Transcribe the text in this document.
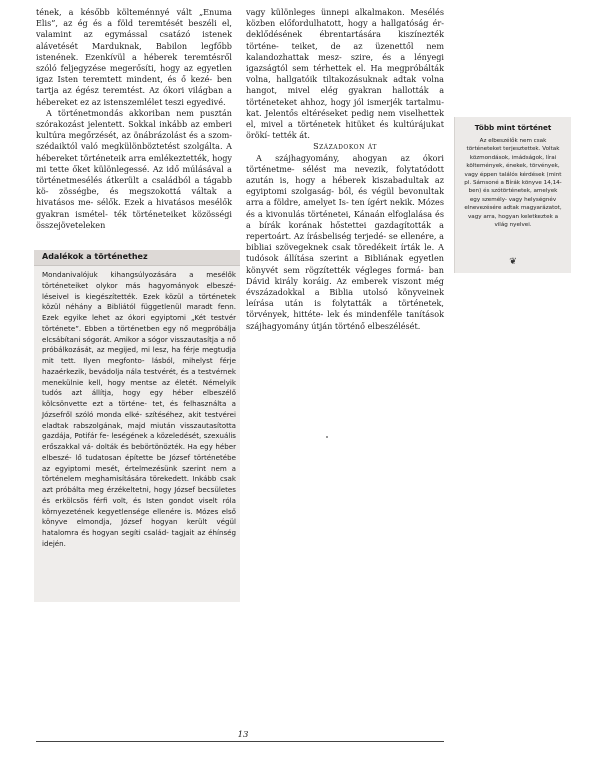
tének, a később költeménnyé vált „Enuma Elis”, az ég és a föld teremtését beszéli el, valamint az egymással csatázó istenek alávetését Marduknak, Babilon legfőbb istenének. Ezenkívül a héberek teremtésről szóló feljegyzése megerősíti, hogy az egyetlen igaz Isten teremtett mindent, és ő kezé- ben tartja az égész teremtést. Az ókori világban a hébereket ez az istenszemlélet teszi egyedivé.

A történetmondás akkoriban nem pusztán szórakozást jelentett. Sokkal inkább az emberi kultúra megőrzését, az önábrázolást és a szom- szédaiktól való megkülönböztetést szolgálta. A hébereket történeteik arra emlékeztették, hogy mi tette őket különlegessé. Az idő múlásával a történetmesélés átkerült a családból a tágabb kö- zösségbe, és megszokottá váltak a hivatásos me- sélők. Ezek a hivatásos mesélők gyakran ismétel- ték történeteiket közösségi összejöveteleken

Adalékok a történethez

Mondanivalójuk kihangsúlyozására a mesélők történeteiket olykor más hagyományok elbeszé- léseivel is kiegészítették. Ezek közül a történetek közül néhány a Bibliától függetlenül maradt fenn. Ezek egyike lehet az ókori egyiptomi „Két testvér története”. Ebben a történetben egy nő megpróbálja elcsábítani sógorát. Amikor a sógor visszautasítja a nő próbálkozását, az megijed, mi lesz, ha férje megtudja mit tett. Ilyen megfonto- lásból, mihelyst férje hazaérkezik, bevádolja nála testvérét, és a testvérnek menekülnie kell, hogy mentse az életét. Némelyik tudós azt állítja, hogy egy héber elbeszélő kölcsönvette ezt a történe- tet, és felhasználta a Józsefről szóló monda elké- szítéséhez, akit testvérei eladtak rabszolgának, majd miután visszautasította gazdája, Potifár fe- leségének a közeledését, szexuális erőszakkal vá- dolták és bebörtönözték. Ha egy héber elbeszé- lő tudatosan építette be József történetébe az egyiptomi mesét, értelmezésünk szerint nem a történelem meghamisítására törekedett. Inkább csak azt próbálta meg érzékeltetni, hogy József becsületes és erkölcsös férfi volt, és Isten gondot viselt róla környezetének kegyetlensége ellenére is. Mózes első könyve elmondja, József hogyan került végül hatalomra és hogyan segíti család- tagjait az éhínség idején.

vagy különleges ünnepi alkalmakon. Mesélés közben előfordulhatott, hogy a hallgatóság ér- deklődésének ébrentartására kiszínezték történe- teiket, de az üzenettől nem kalandozhattak mesz- szire, és a lényegi igazságtól sem térhettek el. Ha megpróbálták volna, hallgatóik tiltakozásuknak adtak volna hangot, mivel elég gyakran hallották a történeteket ahhoz, hogy jól ismerjék tartalmu- kat. Jelentős eltéréseket pedig nem viselhettek el, mivel a történetek hitüket és kultúrájukat örökí- tették át.

Századokon át

A szájhagyomány, ahogyan az ókori történetme- sélést ma nevezik, folytatódott azután is, hogy a héberek kiszabadultak az egyiptomi szolgaság- ból, és végül bevonultak arra a földre, amelyet Is- ten ígért nekik. Mózes és a kivonulás történetei, Kánaán elfoglalása és a bírák korának hőstettei gazdagították a repertoárt. Az írásbeliség terjedé- se ellenére, a bibliai szövegeknek csak töredékeit írták le. A tudósok állítása szerint a Bibliának egyetlen könyvét sem rögzítették végleges formá- ban Dávid király koráig. Az emberek viszont még évszázadokkal a Biblia utolsó könyveinek leírása után is folytatták a történetek, törvények, hittéte- lek és mindenféle tanítások szájhagyomány útján történő elbeszélését.

Több mint történet

Az elbeszélők nem csak történeteket terjesztettek. Voltak közmondások, imádságok, lírai költemények, énekek, törvények, vagy éppen találós kérdések (mint pl. Sámsoné a Bírák könyve 14,14-ben) és szótörténetek, amelyek egy személy- vagy helységnév elnevezésére adtak magyarázatot, vagy arra, hogyan keletkeztek a világ nyelvei.

❦
13
